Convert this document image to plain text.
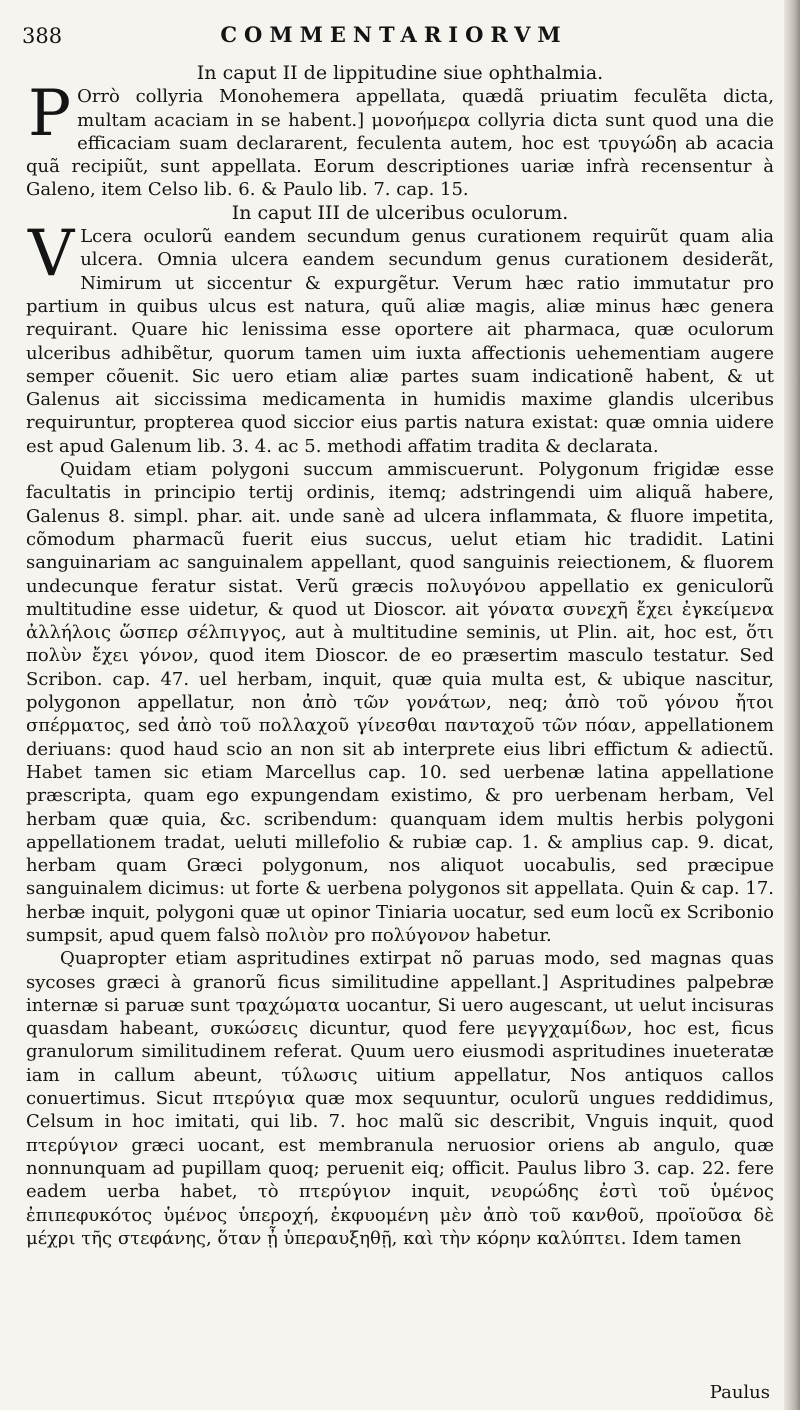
388	COMMENTARIORVM
In caput II de lippitudine siue ophthalmia.

P Orrò collyria Monohemera appellata, quædã priuatim feculẽta dicta, multam acaciam in se habent.] μονοήμερα collyria dicta sunt quod una die efficaciam suam declararent, feculenta autem, hoc est τρυγώδη ab acacia quã recipiũt, sunt appellata. Eorum descriptiones uariæ infrà recensentur à Galeno, item Celso lib. 6. & Paulo lib. 7. cap. 15.

In caput III de ulceribus oculorum.

V Lcera oculorũ eandem secundum genus curationem requirũt quam alia ulcera. Omnia ulcera eandem secundum genus curationem desiderãt, Nimirum ut siccentur & expurgẽtur. Verum hæc ratio immutatur pro partium in quibus ulcus est natura, quũ aliæ magis, aliæ minus hæc genera requirant. Quare hic lenissima esse oportere ait pharmaca, quæ oculorum ulceribus adhibẽtur, quorum tamen uim iuxta affectionis uehementiam augere semper cõuenit. Sic uero etiam aliæ partes suam indicationẽ habent, & ut Galenus ait siccissima medicamenta in humidis maxime glandis ulceribus requiruntur, propterea quod siccior eius partis natura existat: quæ omnia uidere est apud Galenum lib. 3. 4. ac 5. methodi affatim tradita & declarata.

Quidam etiam polygoni succum ammiscuerunt. Polygonum frigidæ esse facultatis in principio tertij ordinis, itemq; adstringendi uim aliquã habere, Galenus 8. simpl. phar. ait. unde sanè ad ulcera inflammata, & fluore impetita, cõmodum pharmacũ fuerit eius succus, uelut etiam hic tradidit. Latini sanguinariam ac sanguinalem appellant, quod sanguinis reiectionem, & fluorem undecunque feratur sistat. Verũ græcis πολυγόνου appellatio ex geniculorũ multitudine esse uidetur, & quod ut Dioscor. ait γόνατα συνεχῆ ἔχει ἐγκείμενα ἀλλήλοις ὥσπερ σέλπιγγος, aut à multitudine seminis, ut Plin. ait, hoc est, ὅτι πολὺν ἔχει γόνον, quod item Dioscor. de eo præsertim masculo testatur. Sed Scribon. cap. 47. uel herbam, inquit, quæ quia multa est, & ubique nascitur, polygonon appellatur, non ἀπὸ τῶν γονάτων, neq; ἀπὸ τοῦ γόνου ἤτοι σπέρματος, sed ἀπὸ τοῦ πολλαχοῦ γίνεσθαι πανταχοῦ τῶν πόαν, appellationem deriuans: quod haud scio an non sit ab interprete eius libri effictum & adiectũ. Habet tamen sic etiam Marcellus cap. 10. sed uerbenæ latina appellatione præscripta, quam ego expungendam existimo, & pro uerbenam herbam, Vel herbam quæ quia, &c. scribendum: quanquam idem multis herbis polygoni appellationem tradat, ueluti millefolio & rubiæ cap. 1. & amplius cap. 9. dicat, herbam quam Græci polygonum, nos aliquot uocabulis, sed præcipue sanguinalem dicimus: ut forte & uerbena polygonos sit appellata. Quin & cap. 17. herbæ inquit, polygoni quæ ut opinor Tiniaria uocatur, sed eum locũ ex Scribonio sumpsit, apud quem falsò πολιὸν pro πολύγονον habetur.

Quapropter etiam aspritudines extirpat nõ paruas modo, sed magnas quas sycoses græci à granorũ ficus similitudine appellant.] Aspritudines palpebræ internæ si paruæ sunt τραχώματα uocantur, Si uero augescant, ut uelut incisuras quasdam habeant, συκώσεις dicuntur, quod fere μεγγχαμίδων, hoc est, ficus granulorum similitudinem referat. Quum uero eiusmodi aspritudines inueteratæ iam in callum abeunt, τύλωσις uitium appellatur, Nos antiquos callos conuertimus. Sicut πτερύγια quæ mox sequuntur, oculorũ ungues reddidimus, Celsum in hoc imitati, qui lib. 7. hoc malũ sic describit, Vnguis inquit, quod πτερύγιον græci uocant, est membranula neruosior oriens ab angulo, quæ nonnunquam ad pupillam quoq; peruenit eiq; officit. Paulus libro 3. cap. 22. fere eadem uerba habet, τὸ πτερύγιον inquit, νευρώδης ἐστὶ τοῦ ὑμένος ἐπιπεφυκότος ὑμένος ὑπεροχή, ἐκφυομένη μὲν ἀπὸ τοῦ κανθοῦ, προϊοῦσα δὲ μέχρι τῆς στεφάνης, ὅταν ᾖ ὑπεραυξηθῇ, καὶ τὴν κόρην καλύπτει. Idem tamen

Paulus
